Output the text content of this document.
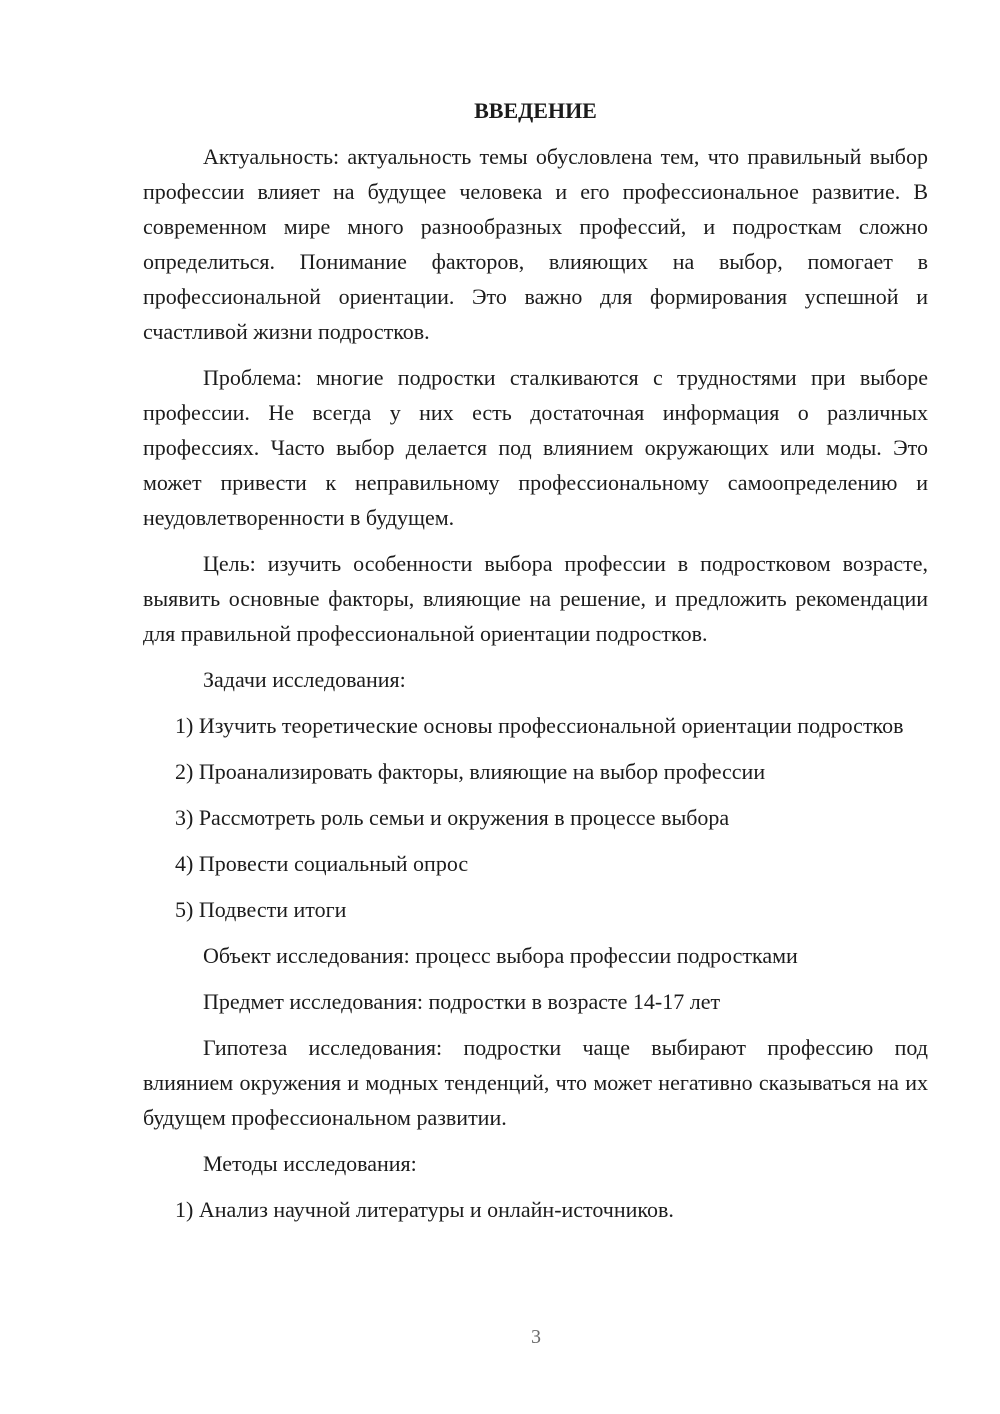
ВВЕДЕНИЕ

Актуальность: актуальность темы обусловлена тем, что правильный выбор профессии влияет на будущее человека и его профессиональное развитие. В современном мире много разнообразных профессий, и подросткам сложно определиться. Понимание факторов, влияющих на выбор, помогает в профессиональной ориентации. Это важно для формирования успешной и счастливой жизни подростков.

Проблема: многие подростки сталкиваются с трудностями при выборе профессии. Не всегда у них есть достаточная информация о различных профессиях. Часто выбор делается под влиянием окружающих или моды. Это может привести к неправильному профессиональному самоопределению и неудовлетворенности в будущем.

Цель: изучить особенности выбора профессии в подростковом возрасте, выявить основные факторы, влияющие на решение, и предложить рекомендации для правильной профессиональной ориентации подростков.

Задачи исследования:

1) Изучить теоретические основы профессиональной ориентации подростков

2) Проанализировать факторы, влияющие на выбор профессии

3) Рассмотреть роль семьи и окружения в процессе выбора

4) Провести социальный опрос

5) Подвести итоги

Объект исследования: процесс выбора профессии подростками

Предмет исследования: подростки в возрасте 14-17 лет

Гипотеза исследования: подростки чаще выбирают профессию под влиянием окружения и модных тенденций, что может негативно сказываться на их будущем профессиональном развитии.

Методы исследования:

1) Анализ научной литературы и онлайн-источников.

3
